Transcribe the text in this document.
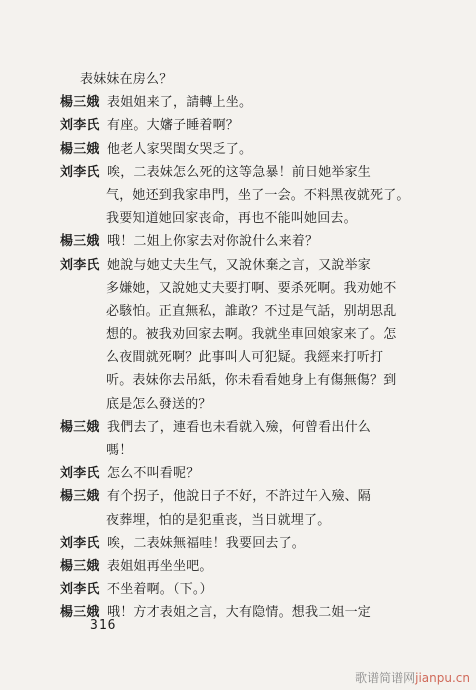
表妹妹在房么？
楊三娥 表姐姐来了，請轉上坐。
刘李氏 有座。大嬸子睡着啊？
楊三娥 他老人家哭閨女哭乏了。
刘李氏 唉，二表妹怎么死的这等急暴！前日她举家生
气，她还到我家串門，坐了一会。不料黑夜就死了。
我要知道她回家丧命，再也不能叫她回去。
楊三娥 哦！二姐上你家去对你說什么来着？
刘李氏 她說与她丈夫生气，又說休棄之言，又說举家
多嫌她，又說她丈夫要打啊、要杀死啊。我劝她不
必駭怕。正直無私，誰敢？不过是气話，别胡思乱
想的。被我劝回家去啊。我就坐車回娘家来了。怎
么夜間就死啊？此事叫人可犯疑。我經来打听打
听。表妹你去吊紙，你未看看她身上有傷無傷？到
底是怎么發送的？
楊三娥 我們去了，連看也未看就入殮，何曾看出什么
嗎！
刘李氏 怎么不叫看呢？
楊三娥 有个拐子，他說日子不好，不許过午入殮、隔
夜葬埋，怕的是犯重丧，当日就埋了。
刘李氏 唉，二表妹無福哇！我要回去了。
楊三娥 表姐姐再坐坐吧。
刘李氏 不坐着啊。（下。）
楊三娥 哦！方才表姐之言，大有隐情。想我二姐一定
316
歌谱简谱网jianpu.cn
